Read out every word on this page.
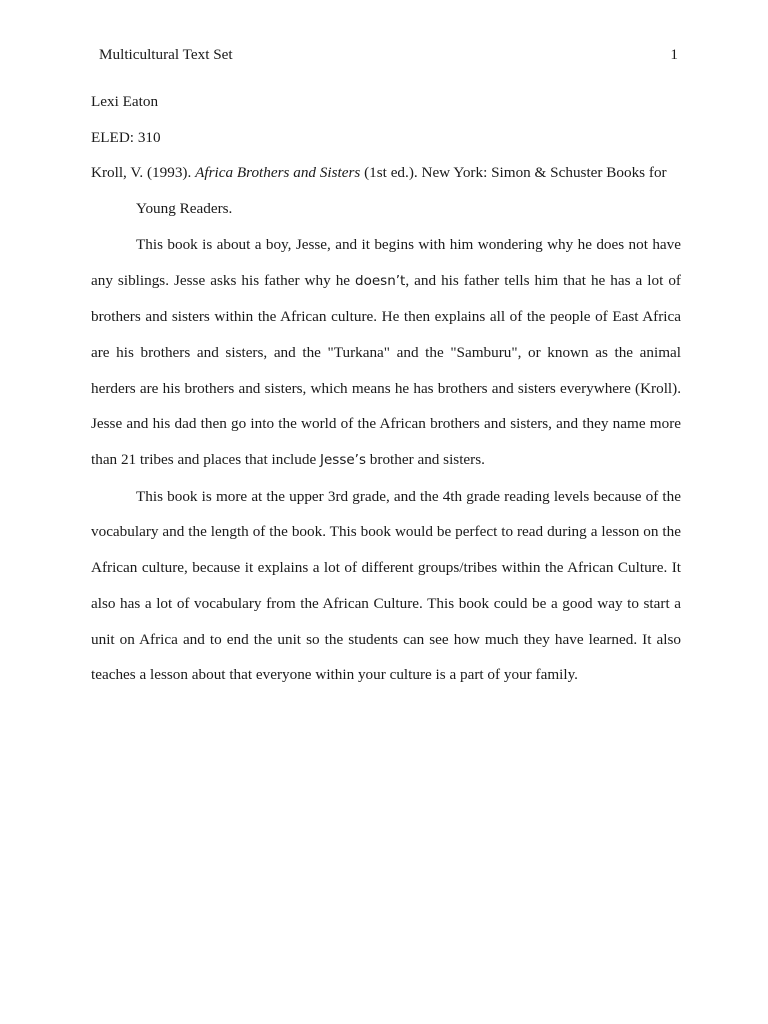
Multicultural Text Set	1

Lexi Eaton

ELED: 310

Kroll, V. (1993). Africa Brothers and Sisters (1st ed.). New York: Simon & Schuster Books for

Young Readers.

This book is about a boy, Jesse, and it begins with him wondering why he does not have any siblings. Jesse asks his father why he doesn’t, and his father tells him that he has a lot of brothers and sisters within the African culture. He then explains all of the people of East Africa are his brothers and sisters, and the "Turkana" and the "Samburu", or known as the animal herders are his brothers and sisters, which means he has brothers and sisters everywhere (Kroll). Jesse and his dad then go into the world of the African brothers and sisters, and they name more than 21 tribes and places that include Jesse’s brother and sisters.

This book is more at the upper 3rd grade, and the 4th grade reading levels because of the vocabulary and the length of the book. This book would be perfect to read during a lesson on the African culture, because it explains a lot of different groups/tribes within the African Culture. It also has a lot of vocabulary from the African Culture. This book could be a good way to start a unit on Africa and to end the unit so the students can see how much they have learned. It also teaches a lesson about that everyone within your culture is a part of your family.
